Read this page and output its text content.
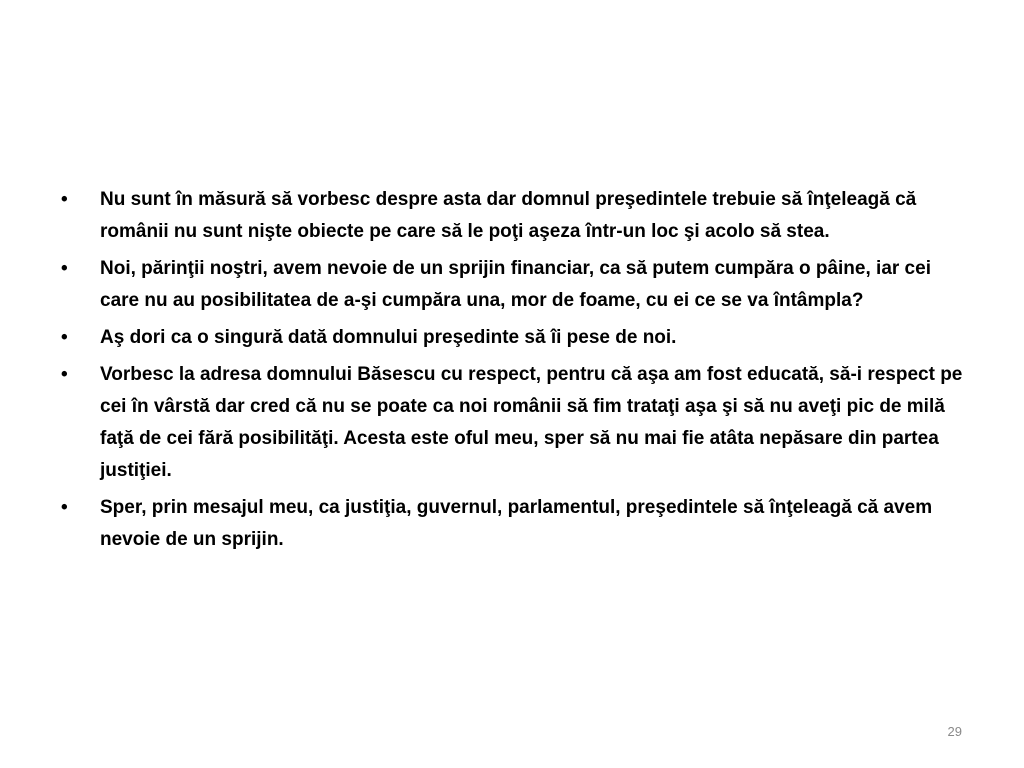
• Nu sunt în măsură să vorbesc despre asta dar domnul preşedintele trebuie să înţeleagă că românii nu sunt nişte obiecte pe care să le poţi aşeza într-un loc şi acolo să stea.
• Noi, părinţii noştri, avem nevoie de un sprijin financiar, ca să putem cumpăra o pâine, iar cei care nu au posibilitatea de a-şi cumpăra una, mor de foame, cu ei ce se va întâmpla?
• Aş dori ca o singură dată domnului preşedinte să îi pese de noi.
• Vorbesc la adresa domnului Băsescu cu respect, pentru că aşa am fost educată, să-i respect pe cei în vârstă dar cred că nu se poate ca noi românii să fim trataţi aşa şi să nu aveţi pic de milă faţă de cei fără posibilităţi. Acesta este oful meu, sper să nu mai fie atâta nepăsare din partea justiţiei.
• Sper, prin mesajul meu, ca justiţia, guvernul, parlamentul, preşedintele să înţeleagă că avem nevoie de un sprijin.
29
